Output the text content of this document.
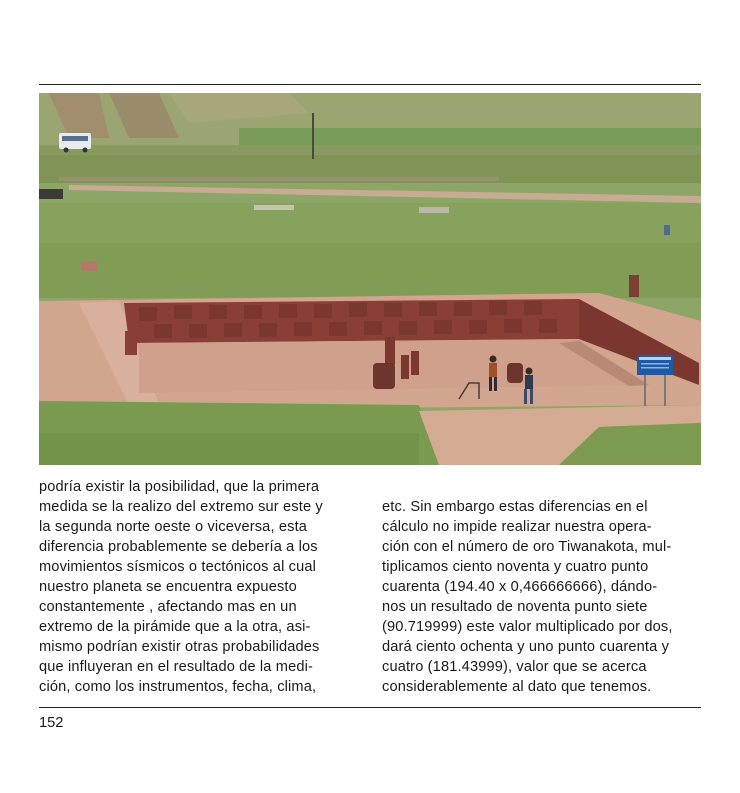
podría existir la posibilidad, que la primera
medida se la realizo del extremo sur este y
la segunda norte oeste o viceversa, esta
diferencia probablemente se debería a los
movimientos sísmicos o tectónicos al cual
nuestro planeta se encuentra expuesto
constantemente , afectando mas en un
extremo de la pirámide que a la otra, asi-
mismo podrían existir otras probabilidades
que influyeran en el resultado de la medi-
ción, como los instrumentos, fecha, clima,
etc. Sin embargo estas diferencias en el
cálculo no impide realizar nuestra opera-
ción con el número de oro Tiwanakota, mul-
tiplicamos ciento noventa y cuatro punto
cuarenta (194.40 x 0,466666666), dándo-
nos un resultado de noventa punto siete
(90.719999) este valor multiplicado por dos,
dará ciento ochenta y uno punto cuarenta y
cuatro (181.43999), valor que se acerca
considerablemente al dato que tenemos.
152
